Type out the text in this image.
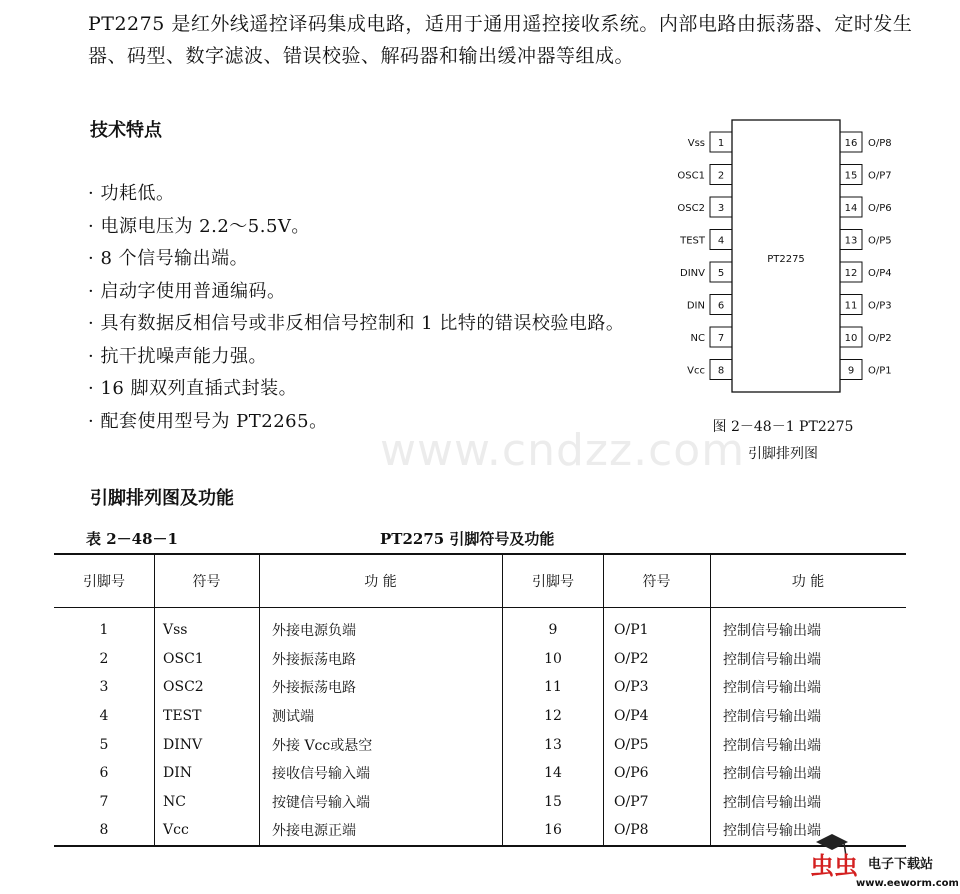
PT2275 是红外线遥控译码集成电路，适用于通用遥控接收系统。内部电路由振荡器、定时发生器、码型、数字滤波、错误校验、解码器和输出缓冲器等组成。
技术特点
· 功耗低。
· 电源电压为 2.2～5.5V。
· 8 个信号输出端。
· 启动字使用普通编码。
· 具有数据反相信号或非反相信号控制和 1 比特的错误校验电路。
· 抗干扰噪声能力强。
· 16 脚双列直插式封装。
· 配套使用型号为 PT2265。
PT2275
1
Vss
2
OSC1
3
OSC2
4
TEST
5
DINV
6
DIN
7
NC
8
Vcc
16 O/P8
15 O/P7
14 O/P6
13 O/P5
12 O/P4
11 O/P3
10 O/P2
9 O/P1
图 2－48－1 PT2275
引脚排列图
www.cndzz.com
引脚排列图及功能
表 2－48－1	PT2275 引脚符号及功能
引脚号	符号	功 能	引脚号	符号	功 能
1	Vss	外接电源负端	9	O/P1	控制信号输出端
2	OSC1	外接振荡电路	10	O/P2	控制信号输出端
3	OSC2	外接振荡电路	11	O/P3	控制信号输出端
4	TEST	测试端	12	O/P4	控制信号输出端
5	DINV	外接 Vcc或悬空	13	O/P5	控制信号输出端
6	DIN	接收信号输入端	14	O/P6	控制信号输出端
7	NC	按键信号输入端	15	O/P7	控制信号输出端
8	Vcc	外接电源正端	16	O/P8	控制信号输出端
虫虫 电子下载站
www.eeworm.com
